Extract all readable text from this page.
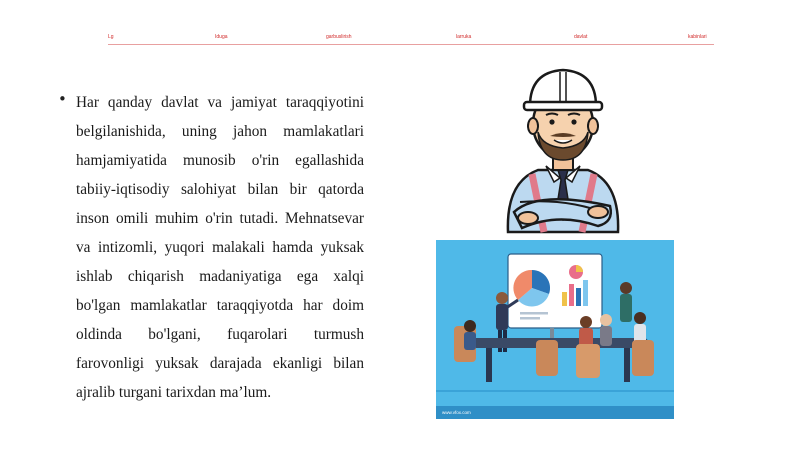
Lg	Iduga	garbuslirish	larruka	davlat	kabinlari
• Har qanday davlat va jamiyat taraqqiyotini belgilanishida, uning jahon mamlakatlari hamjamiyatida munosib o'rin egallashida tabiiy-iqtisodiy salohiyat bilan bir qatorda inson omili muhim o'rin tutadi. Mehnatsevar va intizomli, yuqori malakali hamda yuksak ishlab chiqarish madaniyatiga ega xalqi bo'lgan mamlakatlar taraqqiyotda har doim oldinda bo'lgani, fuqarolari turmush farovonligi yuksak darajada ekanligi bilan ajralib turgani tarixdan ma’lum.
www.vfox.com
